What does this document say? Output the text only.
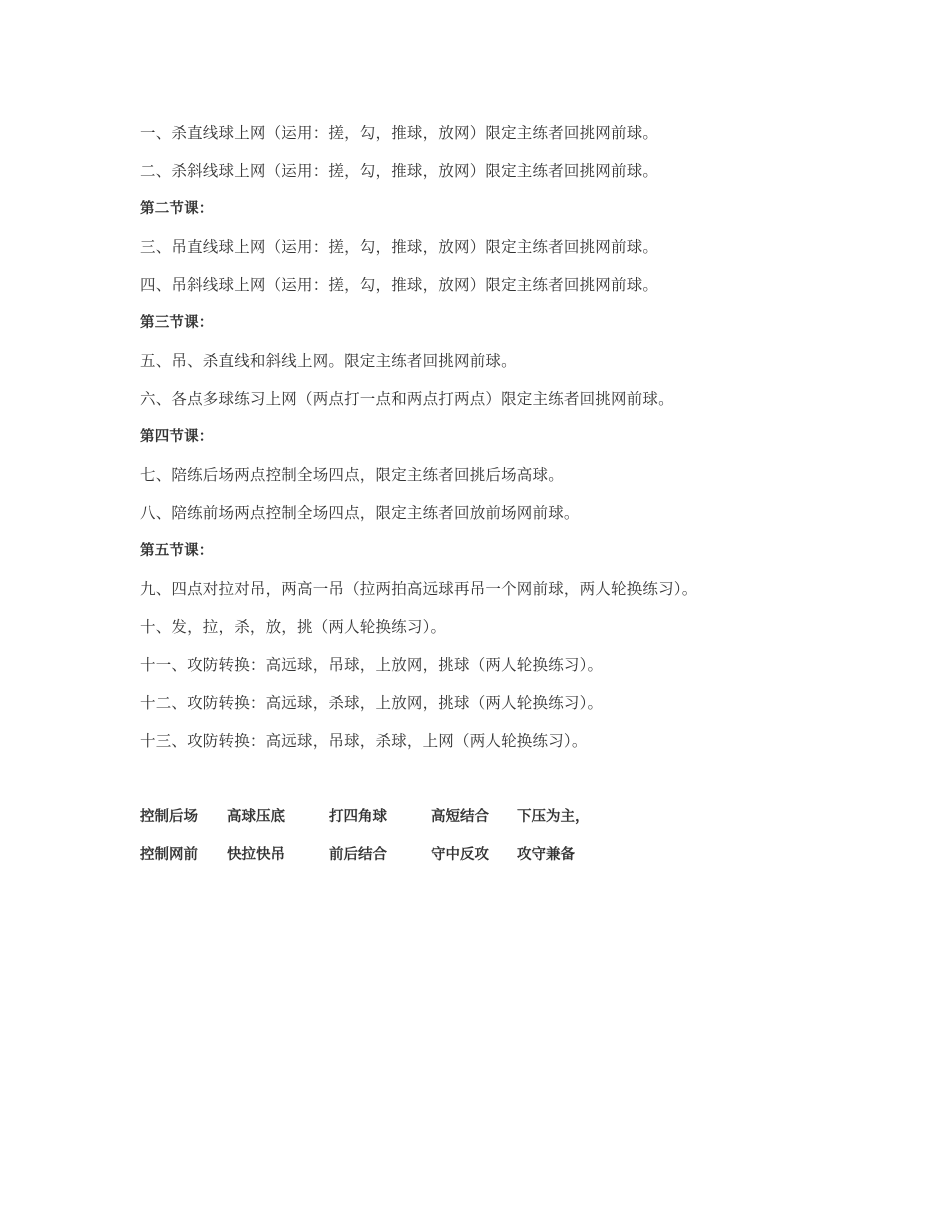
一、杀直线球上网（运用：搓，勾，推球，放网）限定主练者回挑网前球。
二、杀斜线球上网（运用：搓，勾，推球，放网）限定主练者回挑网前球。
第二节课：
三、吊直线球上网（运用：搓，勾，推球，放网）限定主练者回挑网前球。
四、吊斜线球上网（运用：搓，勾，推球，放网）限定主练者回挑网前球。
第三节课：
五、吊、杀直线和斜线上网。限定主练者回挑网前球。
六、各点多球练习上网（两点打一点和两点打两点）限定主练者回挑网前球。
第四节课：
七、陪练后场两点控制全场四点，限定主练者回挑后场高球。
八、陪练前场两点控制全场四点，限定主练者回放前场网前球。
第五节课：
九、四点对拉对吊，两高一吊（拉两拍高远球再吊一个网前球，两人轮换练习）。
十、发，拉，杀，放，挑（两人轮换练习）。
十一、攻防转换：高远球，吊球，上放网，挑球（两人轮换练习）。
十二、攻防转换：高远球，杀球，上放网，挑球（两人轮换练习）。
十三、攻防转换：高远球，吊球，杀球，上网（两人轮换练习）。
控制后场 高球压底	打四角球	高短结合 下压为主，
控制网前 快拉快吊	前后结合	守中反攻 攻守兼备
